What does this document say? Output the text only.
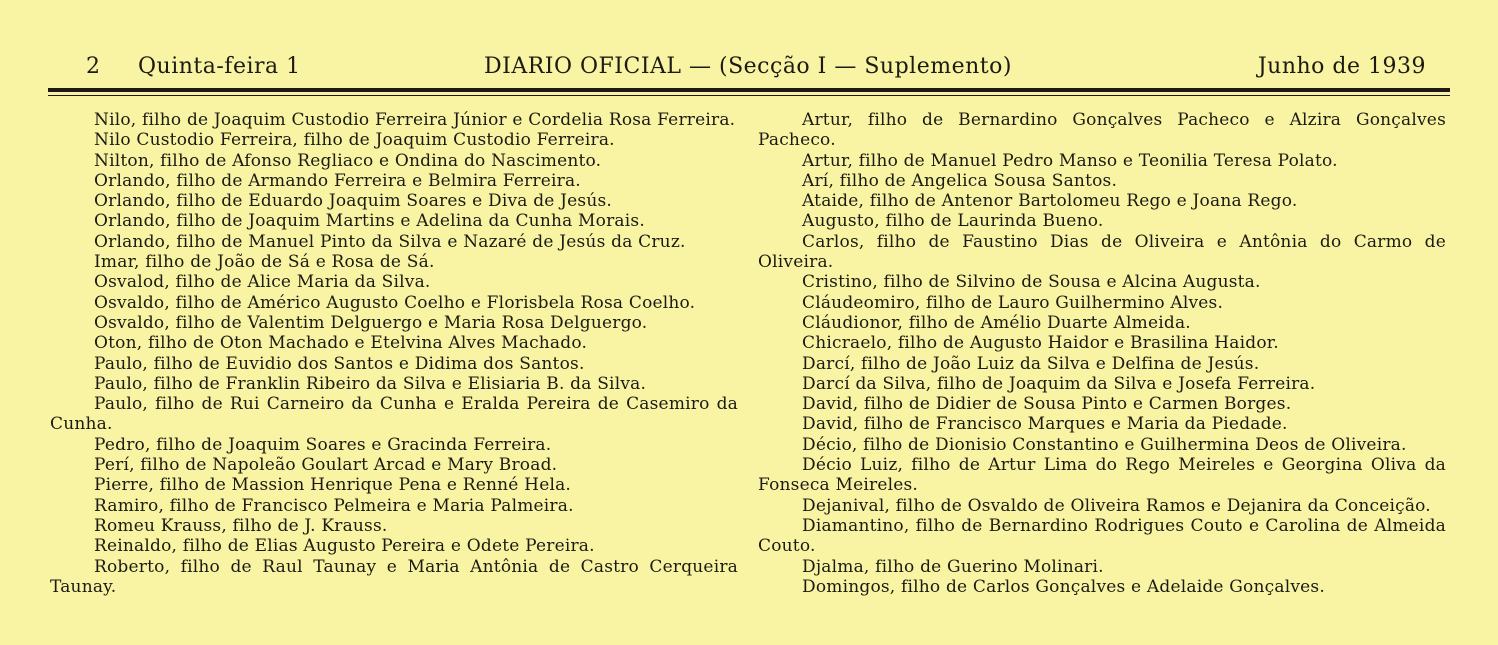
2 Quinta-feira 1	DIARIO OFICIAL — (Secção I — Suplemento)	Junho de 1939

Nilo, filho de Joaquim Custodio Ferreira Júnior e Cordelia Rosa Ferreira.

Nilo Custodio Ferreira, filho de Joaquim Custodio Ferreira.

Nilton, filho de Afonso Regliaco e Ondina do Nascimento.

Orlando, filho de Armando Ferreira e Belmira Ferreira.

Orlando, filho de Eduardo Joaquim Soares e Diva de Jesús.

Orlando, filho de Joaquim Martins e Adelina da Cunha Morais.

Orlando, filho de Manuel Pinto da Silva e Nazaré de Jesús da Cruz.

Imar, filho de João de Sá e Rosa de Sá.

Osvalod, filho de Alice Maria da Silva.

Osvaldo, filho de Américo Augusto Coelho e Florisbela Rosa Coelho.

Osvaldo, filho de Valentim Delguergo e Maria Rosa Delguergo.

Oton, filho de Oton Machado e Etelvina Alves Machado.

Paulo, filho de Euvidio dos Santos e Didima dos Santos.

Paulo, filho de Franklin Ribeiro da Silva e Elisiaria B. da Silva.

Paulo, filho de Rui Carneiro da Cunha e Eralda Pereira de Casemiro da Cunha.

Pedro, filho de Joaquim Soares e Gracinda Ferreira.

Perí, filho de Napoleão Goulart Arcad e Mary Broad.

Pierre, filho de Massion Henrique Pena e Renné Hela.

Ramiro, filho de Francisco Pelmeira e Maria Palmeira.

Romeu Krauss, filho de J. Krauss.

Reinaldo, filho de Elias Augusto Pereira e Odete Pereira.

Roberto, filho de Raul Taunay e Maria Antônia de Castro Cerqueira Taunay.

Artur, filho de Bernardino Gonçalves Pacheco e Alzira Gonçalves Pacheco.

Artur, filho de Manuel Pedro Manso e Teonilia Teresa Polato.

Arí, filho de Angelica Sousa Santos.

Ataide, filho de Antenor Bartolomeu Rego e Joana Rego.

Augusto, filho de Laurinda Bueno.

Carlos, filho de Faustino Dias de Oliveira e Antônia do Carmo de Oliveira.

Cristino, filho de Silvino de Sousa e Alcina Augusta.

Cláudeomiro, filho de Lauro Guilhermino Alves.

Cláudionor, filho de Amélio Duarte Almeida.

Chicraelo, filho de Augusto Haidor e Brasilina Haidor.

Darcí, filho de João Luiz da Silva e Delfina de Jesús.

Darcí da Silva, filho de Joaquim da Silva e Josefa Ferreira.

David, filho de Didier de Sousa Pinto e Carmen Borges.

David, filho de Francisco Marques e Maria da Piedade.

Décio, filho de Dionisio Constantino e Guilhermina Deos de Oliveira.

Décio Luiz, filho de Artur Lima do Rego Meireles e Georgina Oliva da Fonseca Meireles.

Dejanival, filho de Osvaldo de Oliveira Ramos e Dejanira da Conceição.

Diamantino, filho de Bernardino Rodrigues Couto e Carolina de Almeida Couto.

Djalma, filho de Guerino Molinari.

Domingos, filho de Carlos Gonçalves e Adelaide Gonçalves.
